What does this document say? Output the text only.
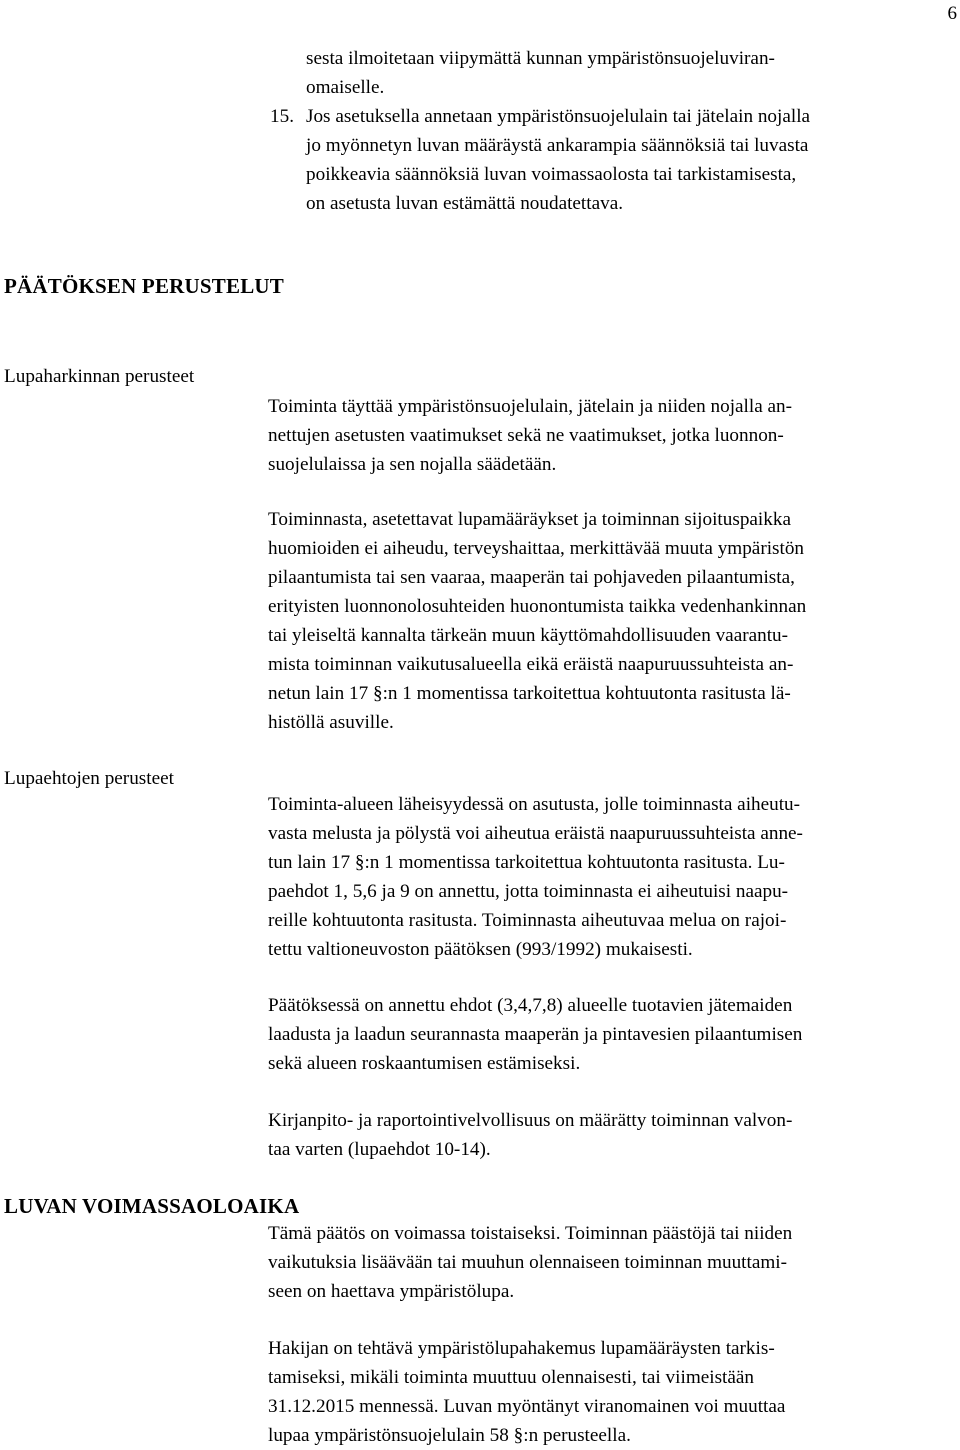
6

sesta ilmoitetaan viipymättä kunnan ympäristönsuojeluviran-

omaiselle.

15. Jos asetuksella annetaan ympäristönsuojelulain tai jätelain nojalla

jo myönnetyn luvan määräystä ankarampia säännöksiä tai luvasta

poikkeavia säännöksiä luvan voimassaolosta tai tarkistamisesta,

on asetusta luvan estämättä noudatettava.

PÄÄTÖKSEN PERUSTELUT
Lupaharkinnan perusteet

Toiminta täyttää ympäristönsuojelulain, jätelain ja niiden nojalla an-

nettujen asetusten vaatimukset sekä ne vaatimukset, jotka luonnon-

suojelulaissa ja sen nojalla säädetään.

Toiminnasta, asetettavat lupamääräykset ja toiminnan sijoituspaikka

huomioiden ei aiheudu, terveyshaittaa, merkittävää muuta ympäristön

pilaantumista tai sen vaaraa, maaperän tai pohjaveden pilaantumista,

erityisten luonnonolosuhteiden huonontumista taikka vedenhankinnan

tai yleiseltä kannalta tärkeän muun käyttömahdollisuuden vaarantu-

mista toiminnan vaikutusalueella eikä eräistä naapuruussuhteista an-

netun lain 17 §:n 1 momentissa tarkoitettua kohtuutonta rasitusta lä-

histöllä asuville.

Lupaehtojen perusteet

Toiminta-alueen läheisyydessä on asutusta, jolle toiminnasta aiheutu-

vasta melusta ja pölystä voi aiheutua eräistä naapuruussuhteista anne-

tun lain 17 §:n 1 momentissa tarkoitettua kohtuutonta rasitusta. Lu-

paehdot 1, 5,6 ja 9 on annettu, jotta toiminnasta ei aiheutuisi naapu-

reille kohtuutonta rasitusta. Toiminnasta aiheutuvaa melua on rajoi-

tettu valtioneuvoston päätöksen (993/1992) mukaisesti.

Päätöksessä on annettu ehdot (3,4,7,8) alueelle tuotavien jätemaiden

laadusta ja laadun seurannasta maaperän ja pintavesien pilaantumisen

sekä alueen roskaantumisen estämiseksi.

Kirjanpito- ja raportointivelvollisuus on määrätty toiminnan valvon-

taa varten (lupaehdot 10-14).

LUVAN VOIMASSAOLOAIKA

Tämä päätös on voimassa toistaiseksi. Toiminnan päästöjä tai niiden

vaikutuksia lisäävään tai muuhun olennaiseen toiminnan muuttami-

seen on haettava ympäristölupa.

Hakijan on tehtävä ympäristölupahakemus lupamääräysten tarkis-

tamiseksi, mikäli toiminta muuttuu olennaisesti, tai viimeistään

31.12.2015 mennessä. Luvan myöntänyt viranomainen voi muuttaa

lupaa ympäristönsuojelulain 58 §:n perusteella.
